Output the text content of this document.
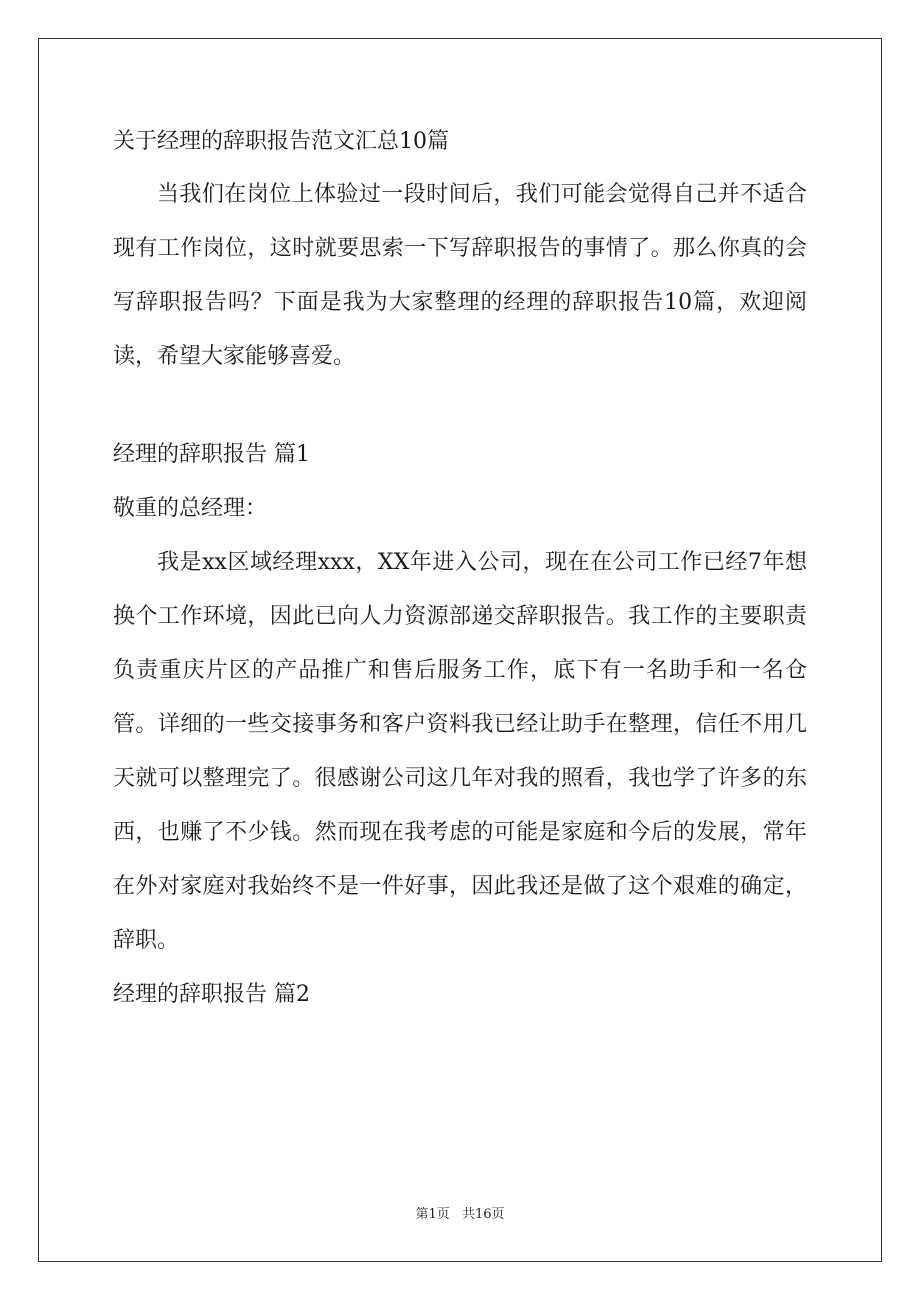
关于经理的辞职报告范文汇总10篇

当我们在岗位上体验过一段时间后，我们可能会觉得自己并不适合现有工作岗位，这时就要思索一下写辞职报告的事情了。那么你真的会写辞职报告吗？下面是我为大家整理的经理的辞职报告10篇，欢迎阅读，希望大家能够喜爱。

经理的辞职报告 篇1

敬重的总经理：

我是xx区域经理xxx，XX年进入公司，现在在公司工作已经7年想换个工作环境，因此已向人力资源部递交辞职报告。我工作的主要职责负责重庆片区的产品推广和售后服务工作，底下有一名助手和一名仓管。详细的一些交接事务和客户资料我已经让助手在整理，信任不用几天就可以整理完了。很感谢公司这几年对我的照看，我也学了许多的东西，也赚了不少钱。然而现在我考虑的可能是家庭和今后的发展，常年在外对家庭对我始终不是一件好事，因此我还是做了这个艰难的确定，辞职。

经理的辞职报告 篇2

第1页 共16页
